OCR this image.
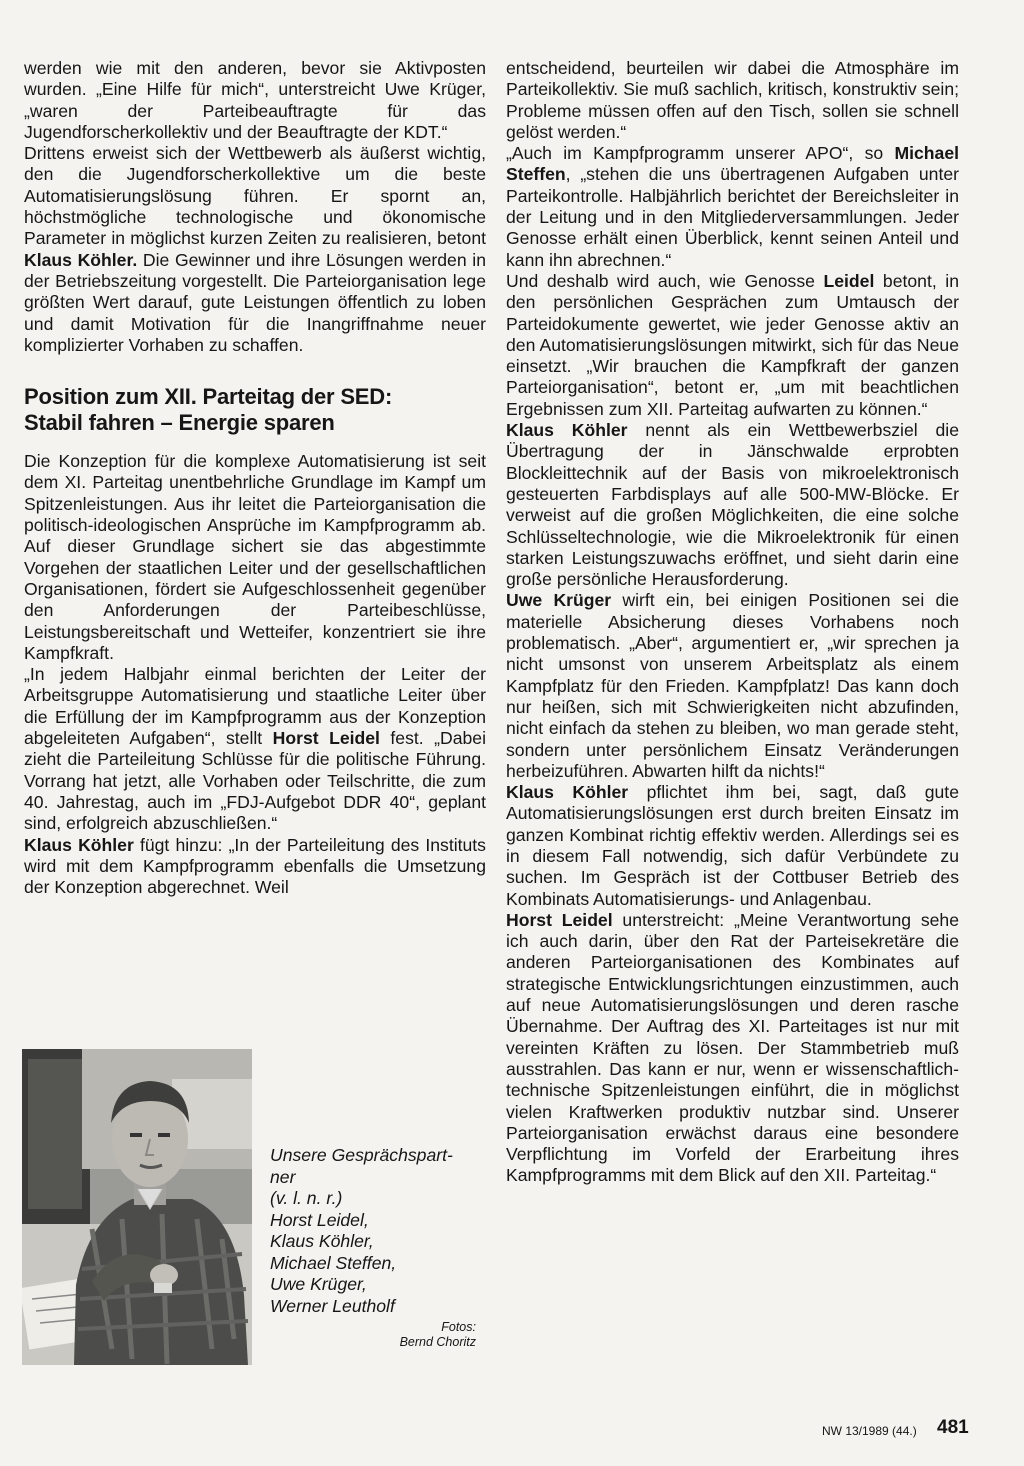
werden wie mit den anderen, bevor sie Aktivposten wurden. „Eine Hilfe für mich“, unterstreicht Uwe Krüger, „waren der Parteibeauftragte für das Jugendforscherkollektiv und der Beauftragte der KDT.“

Drittens erweist sich der Wettbewerb als äußerst wichtig, den die Jugendforscherkollektive um die beste Automatisierungslösung führen. Er spornt an, höchstmögliche technologische und ökonomische Parameter in möglichst kurzen Zeiten zu realisieren, betont Klaus Köhler. Die Gewinner und ihre Lösungen werden in der Betriebszeitung vorgestellt. Die Parteiorganisation lege größten Wert darauf, gute Leistungen öffentlich zu loben und damit Motivation für die Inangriffnahme neuer komplizierter Vorhaben zu schaffen.

Position zum XII. Parteitag der SED:
Stabil fahren – Energie sparen

Die Konzeption für die komplexe Automatisierung ist seit dem XI. Parteitag unentbehrliche Grundlage im Kampf um Spitzenleistungen. Aus ihr leitet die Parteiorganisation die politisch-ideologischen Ansprüche im Kampfprogramm ab. Auf dieser Grundlage sichert sie das abgestimmte Vorgehen der staatlichen Leiter und der gesellschaftlichen Organisationen, fördert sie Aufgeschlossenheit gegenüber den Anforderungen der Parteibeschlüsse, Leistungsbereitschaft und Wetteifer, konzentriert sie ihre Kampfkraft.

„In jedem Halbjahr einmal berichten der Leiter der Arbeitsgruppe Automatisierung und staatliche Leiter über die Erfüllung der im Kampfprogramm aus der Konzeption abgeleiteten Aufgaben“, stellt Horst Leidel fest. „Dabei zieht die Parteileitung Schlüsse für die politische Führung. Vorrang hat jetzt, alle Vorhaben oder Teilschritte, die zum 40. Jahrestag, auch im „FDJ-Aufgebot DDR 40“, geplant sind, erfolgreich abzuschließen.“

Klaus Köhler fügt hinzu: „In der Parteileitung des Instituts wird mit dem Kampfprogramm ebenfalls die Umsetzung der Konzeption abgerechnet. Weil

entscheidend, beurteilen wir dabei die Atmosphäre im Parteikollektiv. Sie muß sachlich, kritisch, konstruktiv sein; Probleme müssen offen auf den Tisch, sollen sie schnell gelöst werden.“

„Auch im Kampfprogramm unserer APO“, so Michael Steffen, „stehen die uns übertragenen Aufgaben unter Parteikontrolle. Halbjährlich berichtet der Bereichsleiter in der Leitung und in den Mitgliederversammlungen. Jeder Genosse erhält einen Überblick, kennt seinen Anteil und kann ihn abrechnen.“

Und deshalb wird auch, wie Genosse Leidel betont, in den persönlichen Gesprächen zum Umtausch der Parteidokumente gewertet, wie jeder Genosse aktiv an den Automatisierungslösungen mitwirkt, sich für das Neue einsetzt. „Wir brauchen die Kampfkraft der ganzen Parteiorganisation“, betont er, „um mit beachtlichen Ergebnissen zum XII. Parteitag aufwarten zu können.“

Klaus Köhler nennt als ein Wettbewerbsziel die Übertragung der in Jänschwalde erprobten Blockleittechnik auf der Basis von mikroelektronisch gesteuerten Farbdisplays auf alle 500-MW-Blöcke. Er verweist auf die großen Möglichkeiten, die eine solche Schlüsseltechnologie, wie die Mikroelektronik für einen starken Leistungszuwachs eröffnet, und sieht darin eine große persönliche Herausforderung.

Uwe Krüger wirft ein, bei einigen Positionen sei die materielle Absicherung dieses Vorhabens noch problematisch. „Aber“, argumentiert er, „wir sprechen ja nicht umsonst von unserem Arbeitsplatz als einem Kampfplatz für den Frieden. Kampfplatz! Das kann doch nur heißen, sich mit Schwierigkeiten nicht abzufinden, nicht einfach da stehen zu bleiben, wo man gerade steht, sondern unter persönlichem Einsatz Veränderungen herbeizuführen. Abwarten hilft da nichts!“

Klaus Köhler pflichtet ihm bei, sagt, daß gute Automatisierungslösungen erst durch breiten Einsatz im ganzen Kombinat richtig effektiv werden. Allerdings sei es in diesem Fall notwendig, sich dafür Verbündete zu suchen. Im Gespräch ist der Cottbuser Betrieb des Kombinats Automatisierungs- und Anlagenbau.

Horst Leidel unterstreicht: „Meine Verantwortung sehe ich auch darin, über den Rat der Parteisekretäre die anderen Parteiorganisationen des Kombinates auf strategische Entwicklungsrichtungen einzustimmen, auch auf neue Automatisierungslösungen und deren rasche Übernahme. Der Auftrag des XI. Parteitages ist nur mit vereinten Kräften zu lösen. Der Stammbetrieb muß ausstrahlen. Das kann er nur, wenn er wissenschaftlich-technische Spitzenleistungen einführt, die in möglichst vielen Kraftwerken produktiv nutzbar sind. Unserer Parteiorganisation erwächst daraus eine besondere Verpflichtung im Vorfeld der Erarbeitung ihres Kampfprogramms mit dem Blick auf den XII. Parteitag.“

Unsere Gesprächspart-
ner
(v. l. n. r.)
Horst Leidel,
Klaus Köhler,
Michael Steffen,
Uwe Krüger,
Werner Leutholf
Fotos:
Bernd Choritz
NW 13/1989 (44.) 481
